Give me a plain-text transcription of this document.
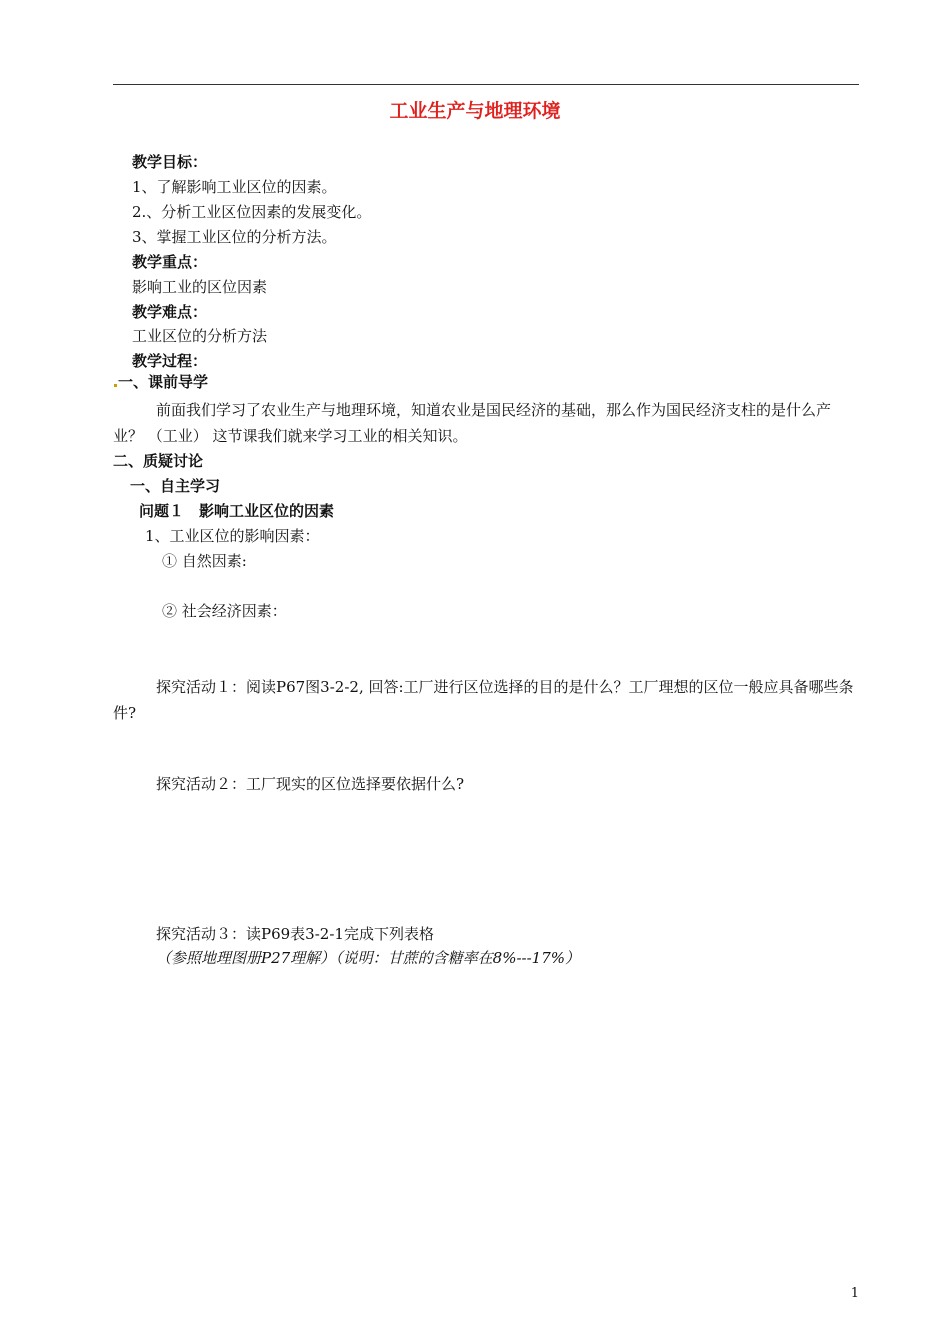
工业生产与地理环境
教学目标：
1、了解影响工业区位的因素。
2.、分析工业区位因素的发展变化。
3、掌握工业区位的分析方法。
教学重点：
影响工业的区位因素
教学难点：
工业区位的分析方法
教学过程：
一、课前导学
前面我们学习了农业生产与地理环境，知道农业是国民经济的基础，那么作为国民经济支柱的是什么产业？ （工业） 这节课我们就来学习工业的相关知识。
二、质疑讨论
一、自主学习
问题１　影响工业区位的因素
1、工业区位的影响因素：
① 自然因素:
② 社会经济因素：
探究活动１：阅读P67图3-2-2, 回答:工厂进行区位选择的目的是什么？工厂理想的区位一般应具备哪些条件?
探究活动２：工厂现实的区位选择要依据什么?
探究活动３：读P69表3-2-1完成下列表格
（参照地理图册P27理解）（说明：甘蔗的含糖率在8%---17%）
1
